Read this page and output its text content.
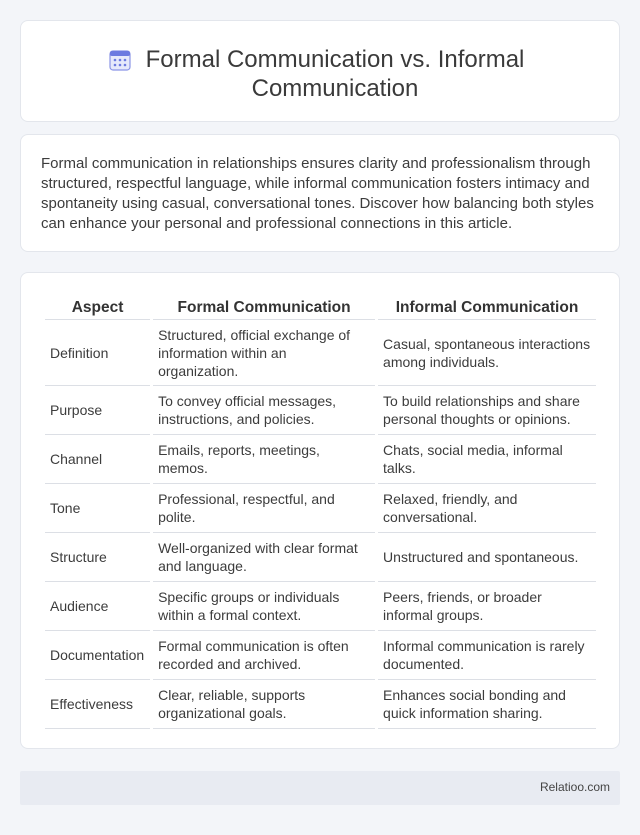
Formal Communication vs. Informal Communication

Formal communication in relationships ensures clarity and professionalism through structured, respectful language, while informal communication fosters intimacy and spontaneity using casual, conversational tones. Discover how balancing both styles can enhance your personal and professional connections in this article.

Aspect	Formal Communication	Informal Communication
Definition	Structured, official exchange of information within an organization.	Casual, spontaneous interactions among individuals.
Purpose	To convey official messages, instructions, and policies.	To build relationships and share personal thoughts or opinions.
Channel	Emails, reports, meetings, memos.	Chats, social media, informal talks.
Tone	Professional, respectful, and polite.	Relaxed, friendly, and conversational.
Structure	Well-organized with clear format and language.	Unstructured and spontaneous.
Audience	Specific groups or individuals within a formal context.	Peers, friends, or broader informal groups.
Documentation	Formal communication is often recorded and archived.	Informal communication is rarely documented.
Effectiveness	Clear, reliable, supports organizational goals.	Enhances social bonding and quick information sharing.
Relatioo.com
